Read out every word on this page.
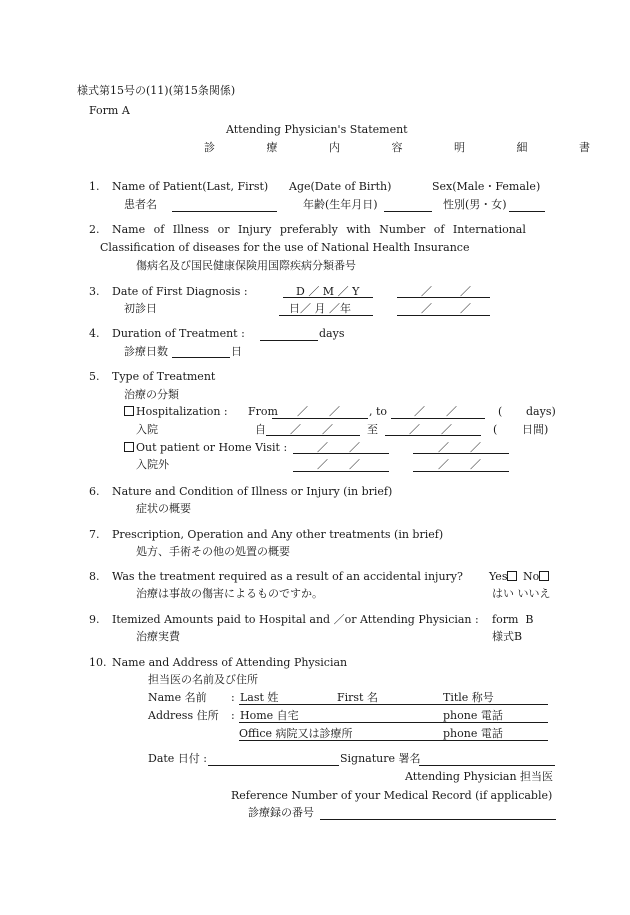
様式第15号の(11)(第15条関係)
Form A
Attending Physician's Statement
診 療 内 容 明 細 書
1. Name of Patient(Last, First) Age(Date of Birth)	Sex(Male・Female)
患者名	年齢(生年月日)	性別(男・女)
2. Name of Illness or Injury preferably with Number of International
Classification of diseases for the use of National Health Insurance
傷病名及び国民健康保険用国際疾病分類番号
3. Date of First Diagnosis :	D ／ M ／ Y	／        ／
初診日	日／ 月 ／年	／        ／
4. Duration of Treatment :	days
診療日数	日
5. Type of Treatment
治療の分類
Hospitalization : From ／      ／	, to ／      ／	( days)
入院	自 ／      ／	至	／      ／	( 日間)
Out patient or Home Visit :	／      ／	／      ／
入院外	／      ／	／      ／
6. Nature and Condition of Illness or Injury (in brief)
症状の概要
7. Prescription, Operation and Any other treatments (in brief)
処方、手術その他の処置の概要
8. Was the treatment required as a result of an accidental injury? Yes No
治療は事故の傷害によるものですか。	はい いいえ
9. Itemized Amounts paid to Hospital and ／or Attending Physician : form  B
治療実費	様式B
10. Name and Address of Attending Physician
担当医の名前及び住所
Name 名前 : Last 姓	First 名	Title 称号
Address 住所 : Home 自宅	phone 電話
Office 病院又は診療所	phone 電話
Date 日付 :	Signature 署名
Attending Physician 担当医
Reference Number of your Medical Record (if applicable)
診療録の番号
